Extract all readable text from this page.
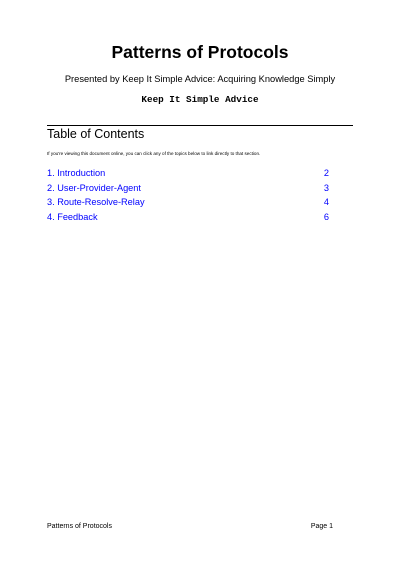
Patterns of Protocols
Presented by Keep It Simple Advice: Acquiring Knowledge Simply
Keep It Simple Advice
Table of Contents
If you're viewing this document online, you can click any of the topics below to link directly to that section.
1. Introduction	2
2. User-Provider-Agent	3
3. Route-Resolve-Relay	4
4. Feedback	6
Patterns of Protocols	Page 1
